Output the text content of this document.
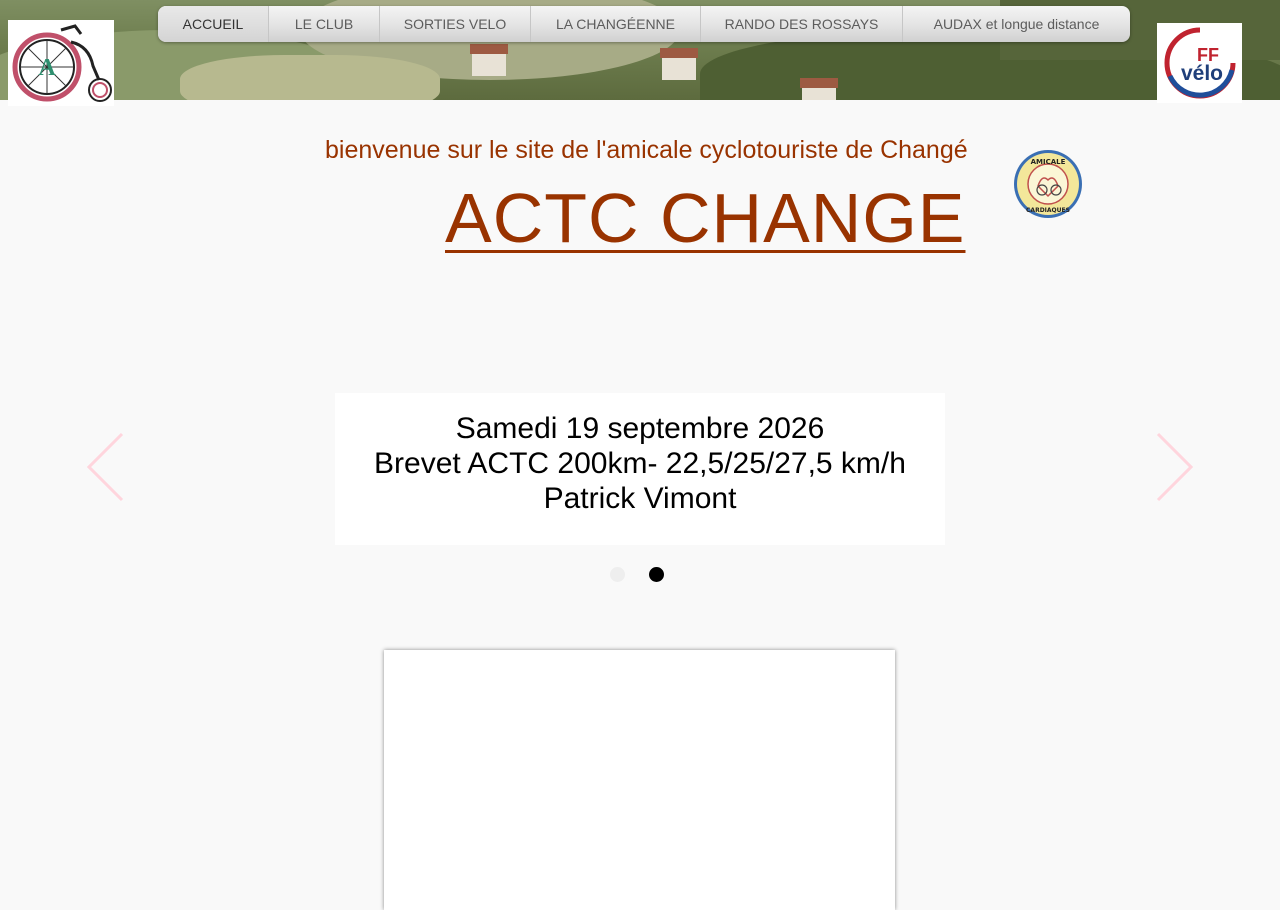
A	FF
vélo
ACCUEIL	LE CLUB	SORTIES VELO	LA CHANGÉENNE	RANDO DES ROSSAYS	AUDAX et longue distance
bienvenue sur le site de l'amicale cyclotouriste de Changé
ACTC CHANGE
AMICALE
CARDIAQUES
Samedi 19 septembre 2026
Brevet ACTC 200km- 22,5/25/27,5 km/h
Patrick Vimont
